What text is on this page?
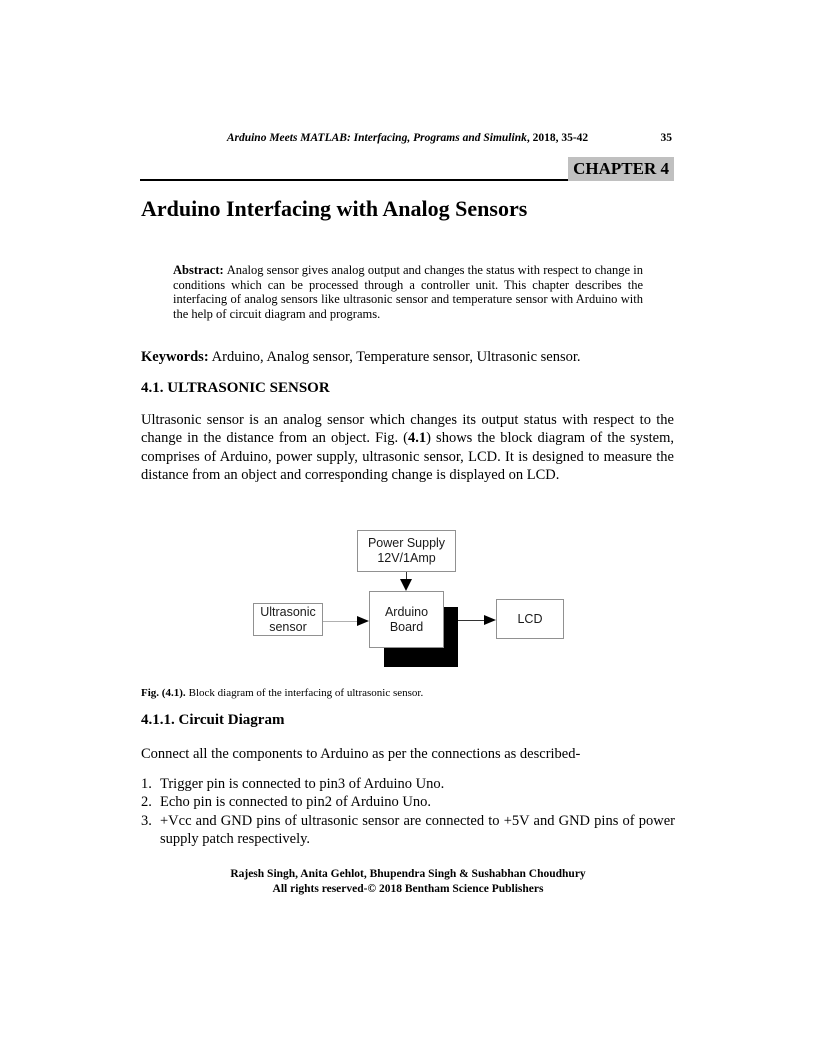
Arduino Meets MATLAB: Interfacing, Programs and Simulink, 2018, 35-42	35
CHAPTER 4
Arduino Interfacing with Analog Sensors

Abstract: Analog sensor gives analog output and changes the status with respect to change in conditions which can be processed through a controller unit. This chapter describes the interfacing of analog sensors like ultrasonic sensor and temperature sensor with Arduino with the help of circuit diagram and programs.

Keywords: Arduino, Analog sensor, Temperature sensor, Ultrasonic sensor.

4.1. ULTRASONIC SENSOR

Ultrasonic sensor is an analog sensor which changes its output status with respect to the change in the distance from an object. Fig. (4.1) shows the block diagram of the system, comprises of Arduino, power supply, ultrasonic sensor, LCD. It is designed to measure the distance from an object and corresponding change is displayed on LCD.

Power Supply
12V/1Amp
Ultrasonic
sensor
Arduino
Board
LCD

Fig. (4.1). Block diagram of the interfacing of ultrasonic sensor.

4.1.1. Circuit Diagram

Connect all the components to Arduino as per the connections as described-

1. Trigger pin is connected to pin3 of Arduino Uno.
2. Echo pin is connected to pin2 of Arduino Uno.
3. +Vcc and GND pins of ultrasonic sensor are connected to +5V and GND pins of power supply patch respectively.
Rajesh Singh, Anita Gehlot, Bhupendra Singh & Sushabhan Choudhury
All rights reserved-© 2018 Bentham Science Publishers
